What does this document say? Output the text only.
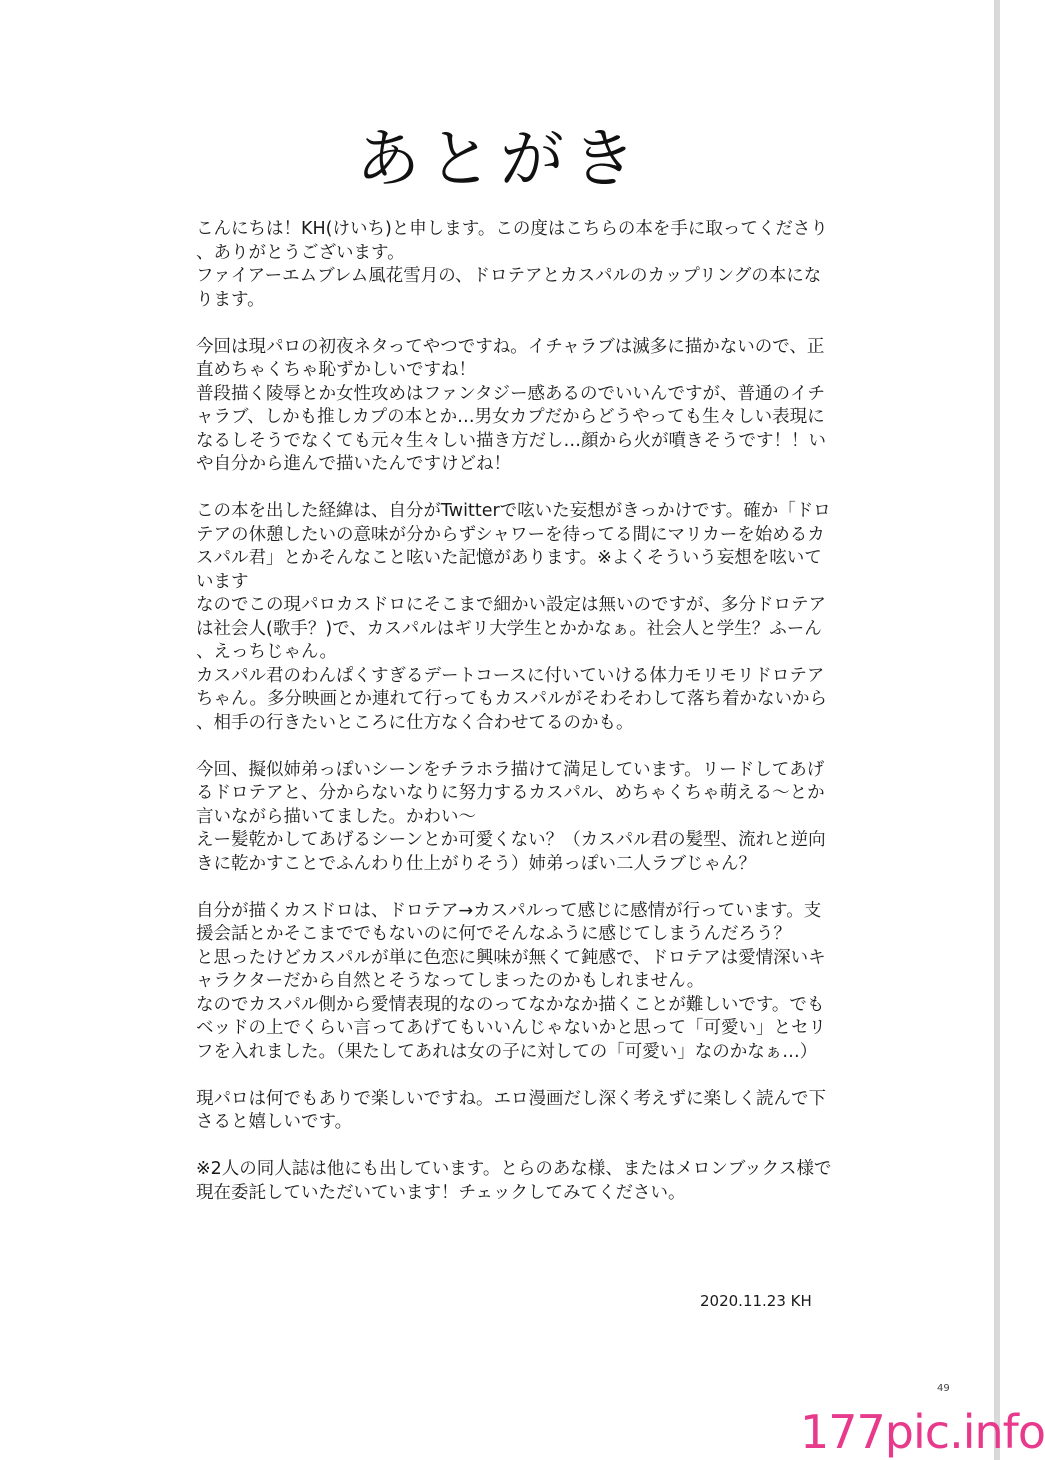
あとがき

こんにちは！KH(けいち)と申します。この度はこちらの本を手に取ってくださり、ありがとうございます。
ファイアーエムブレム風花雪月の、ドロテアとカスパルのカップリングの本になります。

今回は現パロの初夜ネタってやつですね。イチャラブは滅多に描かないので、正直めちゃくちゃ恥ずかしいですね！
普段描く陵辱とか女性攻めはファンタジー感あるのでいいんですが、普通のイチャラブ、しかも推しカプの本とか…男女カプだからどうやっても生々しい表現になるしそうでなくても元々生々しい描き方だし…顔から火が噴きそうです！！いや自分から進んで描いたんですけどね！

この本を出した経緯は、自分がTwitterで呟いた妄想がきっかけです。確か「ドロテアの休憩したいの意味が分からずシャワーを待ってる間にマリカーを始めるカスパル君」とかそんなこと呟いた記憶があります。※よくそういう妄想を呟いています
なのでこの現パロカスドロにそこまで細かい設定は無いのですが、多分ドロテアは社会人(歌手？)で、カスパルはギリ大学生とかかなぁ。社会人と学生？ふーん、えっちじゃん。
カスパル君のわんぱくすぎるデートコースに付いていける体力モリモリドロテアちゃん。多分映画とか連れて行ってもカスパルがそわそわして落ち着かないから、相手の行きたいところに仕方なく合わせてるのかも。

今回、擬似姉弟っぽいシーンをチラホラ描けて満足しています。リードしてあげるドロテアと、分からないなりに努力するカスパル、めちゃくちゃ萌える～とか言いながら描いてました。かわい～
えー髪乾かしてあげるシーンとか可愛くない？（カスパル君の髪型、流れと逆向きに乾かすことでふんわり仕上がりそう）姉弟っぽい二人ラブじゃん？

自分が描くカスドロは、ドロテア→カスパルって感じに感情が行っています。支援会話とかそこまででもないのに何でそんなふうに感じてしまうんだろう？
と思ったけどカスパルが単に色恋に興味が無くて鈍感で、ドロテアは愛情深いキャラクターだから自然とそうなってしまったのかもしれません。
なのでカスパル側から愛情表現的なのってなかなか描くことが難しいです。でもベッドの上でくらい言ってあげてもいいんじゃないかと思って「可愛い」とセリフを入れました。（果たしてあれは女の子に対しての「可愛い」なのかなぁ…）

現パロは何でもありで楽しいですね。エロ漫画だし深く考えずに楽しく読んで下さると嬉しいです。

※2人の同人誌は他にも出しています。とらのあな様、またはメロンブックス様で現在委託していただいています！チェックしてみてください。

2020.11.23 KH
49
177pic.info
